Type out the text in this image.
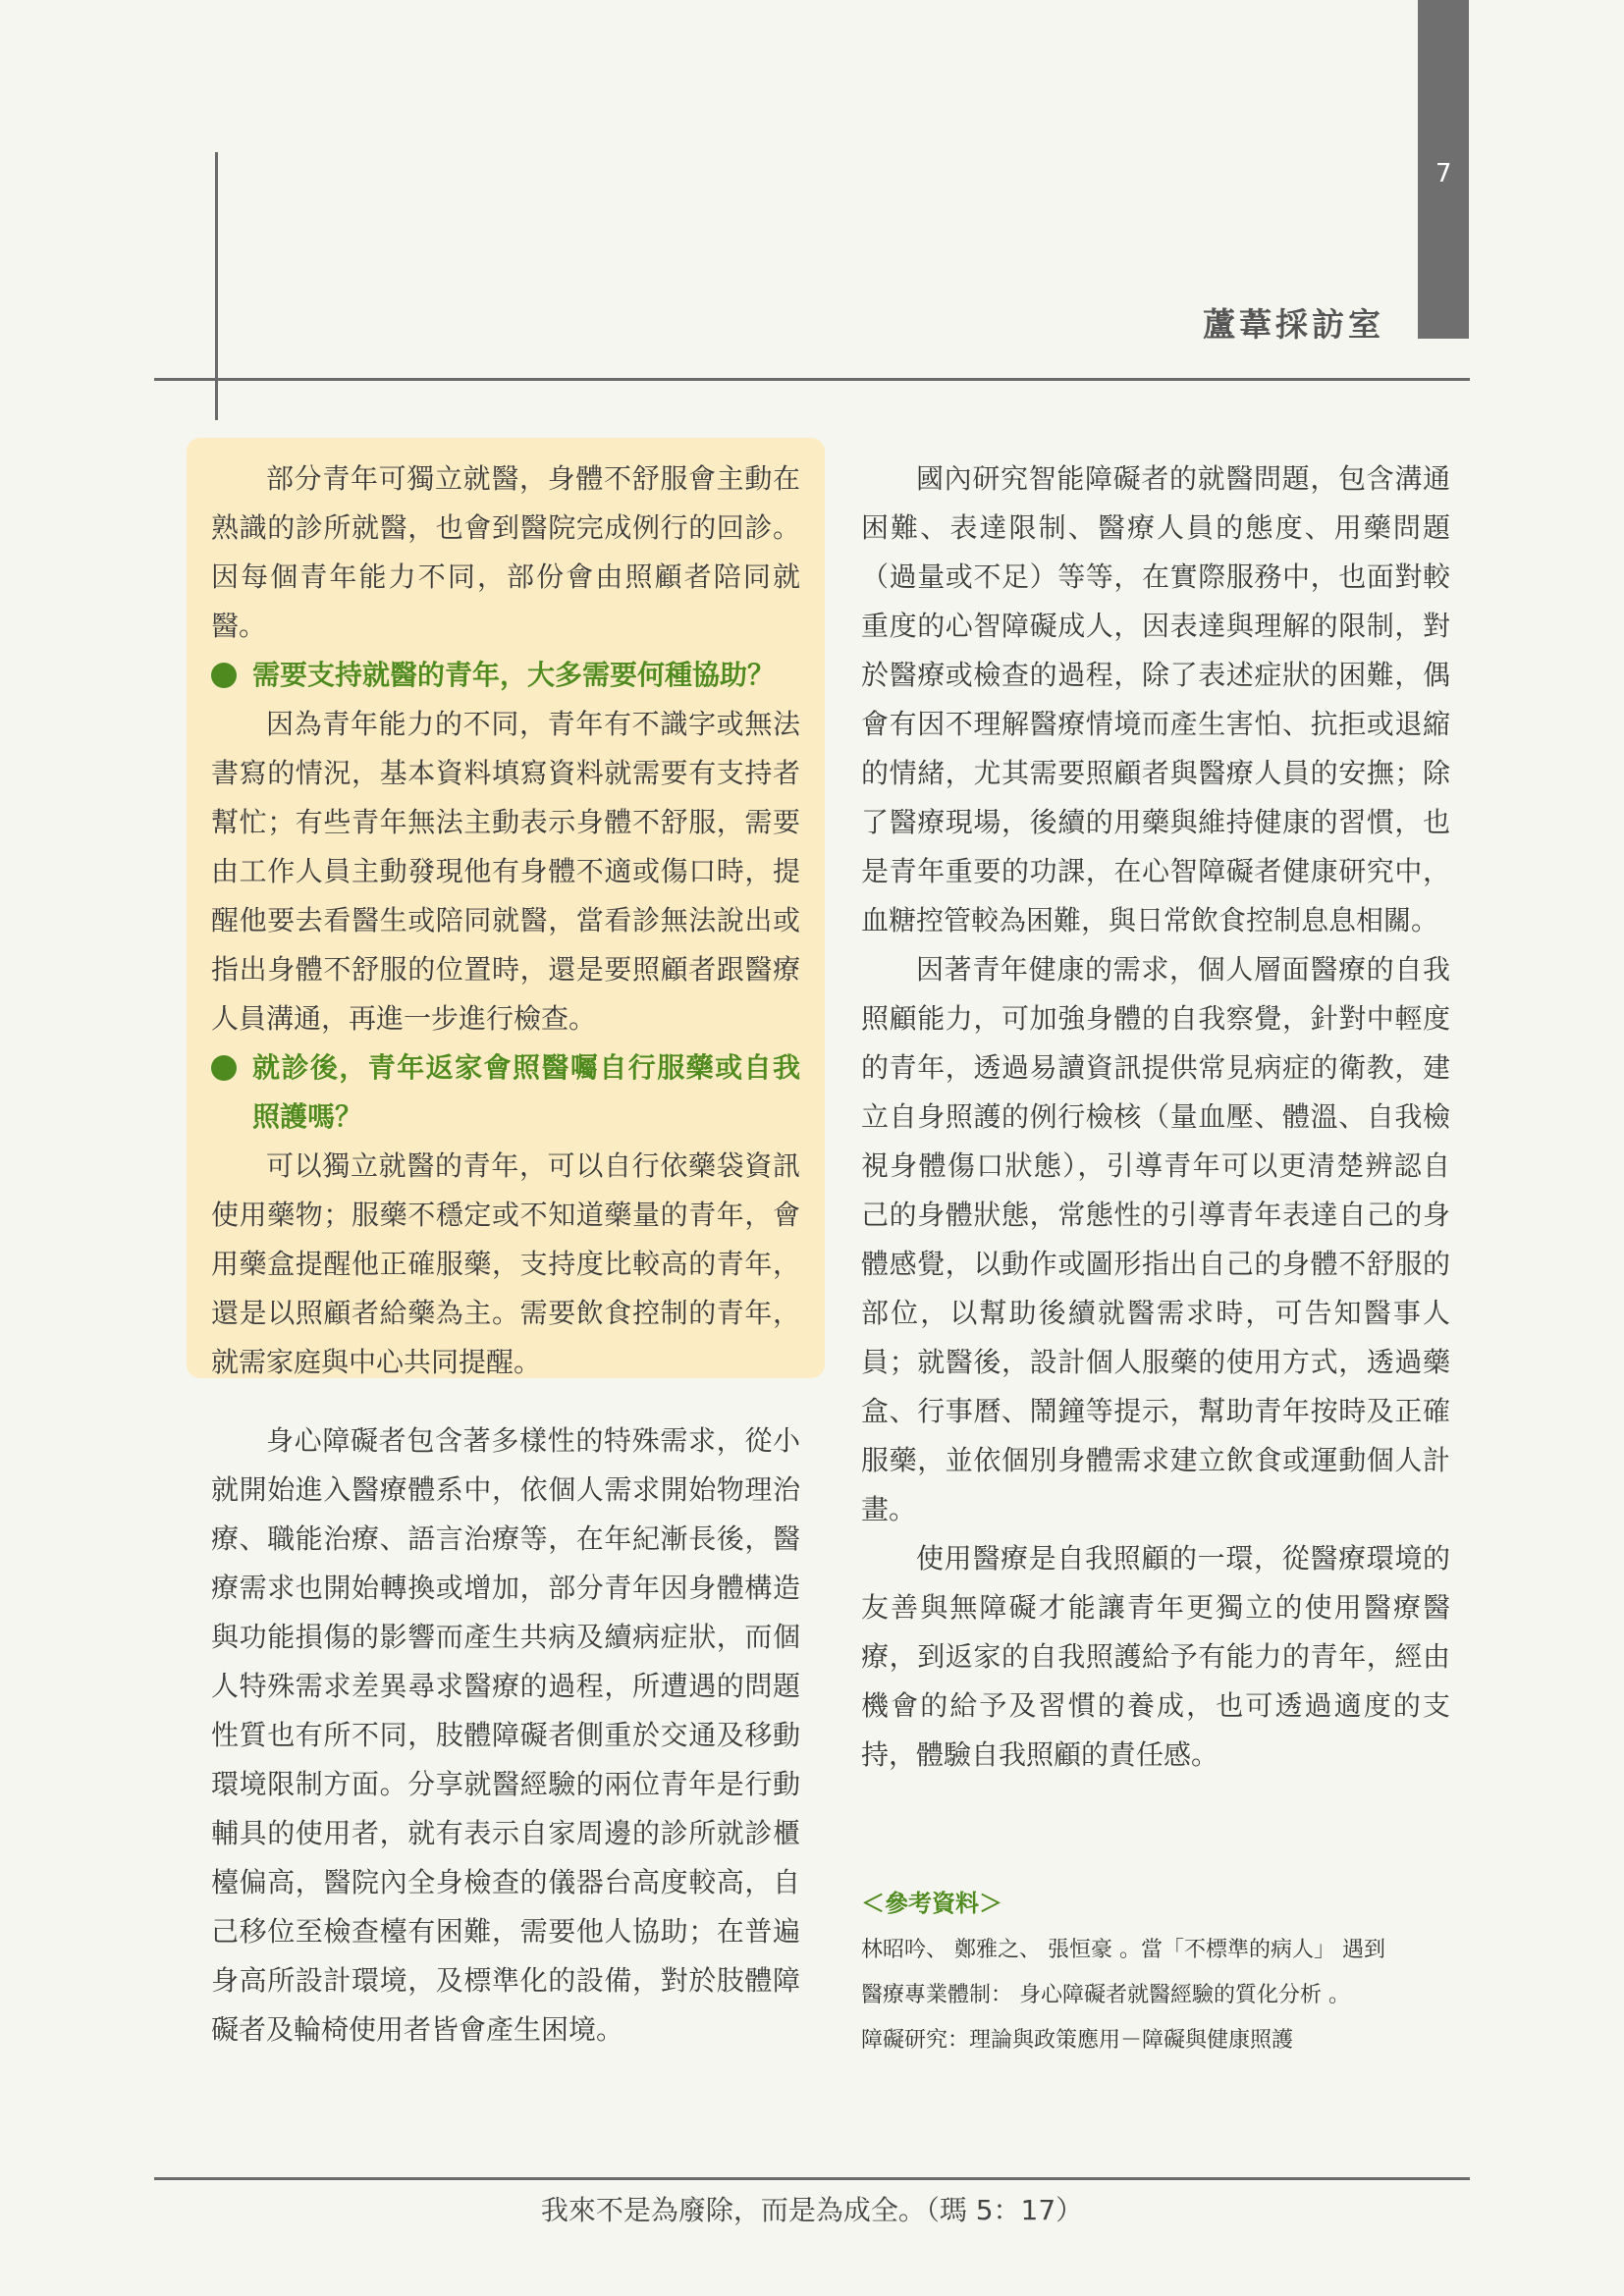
7
蘆葦採訪室

部分青年可獨立就醫，身體不舒服會主動在熟識的診所就醫，也會到醫院完成例行的回診。因每個青年能力不同，部份會由照顧者陪同就醫。

需要支持就醫的青年，大多需要何種協助？

因為青年能力的不同，青年有不識字或無法書寫的情況，基本資料填寫資料就需要有支持者幫忙；有些青年無法主動表示身體不舒服，需要由工作人員主動發現他有身體不適或傷口時，提醒他要去看醫生或陪同就醫，當看診無法說出或指出身體不舒服的位置時，還是要照顧者跟醫療人員溝通，再進一步進行檢查。

就診後，青年返家會照醫囑自行服藥或自我照護嗎？

可以獨立就醫的青年，可以自行依藥袋資訊使用藥物；服藥不穩定或不知道藥量的青年，會用藥盒提醒他正確服藥，支持度比較高的青年，還是以照顧者給藥為主。需要飲食控制的青年，就需家庭與中心共同提醒。

身心障礙者包含著多樣性的特殊需求，從小就開始進入醫療體系中，依個人需求開始物理治療、職能治療、語言治療等，在年紀漸長後，醫療需求也開始轉換或增加，部分青年因身體構造與功能損傷的影響而產生共病及續病症狀，而個人特殊需求差異尋求醫療的過程，所遭遇的問題性質也有所不同，肢體障礙者側重於交通及移動環境限制方面。分享就醫經驗的兩位青年是行動輔具的使用者，就有表示自家周邊的診所就診櫃檯偏高，醫院內全身檢查的儀器台高度較高，自己移位至檢查檯有困難，需要他人協助；在普遍身高所設計環境，及標準化的設備，對於肢體障礙者及輪椅使用者皆會產生困境。

國內研究智能障礙者的就醫問題，包含溝通困難、表達限制、醫療人員的態度、用藥問題（過量或不足）等等，在實際服務中，也面對較重度的心智障礙成人，因表達與理解的限制，對於醫療或檢查的過程，除了表述症狀的困難，偶會有因不理解醫療情境而產生害怕、抗拒或退縮的情緒，尤其需要照顧者與醫療人員的安撫；除了醫療現場，後續的用藥與維持健康的習慣，也是青年重要的功課，在心智障礙者健康研究中，血糖控管較為困難，與日常飲食控制息息相關。

因著青年健康的需求，個人層面醫療的自我照顧能力，可加強身體的自我察覺，針對中輕度的青年，透過易讀資訊提供常見病症的衛教，建立自身照護的例行檢核（量血壓、體溫、自我檢視身體傷口狀態），引導青年可以更清楚辨認自己的身體狀態，常態性的引導青年表達自己的身體感覺，以動作或圖形指出自己的身體不舒服的部位，以幫助後續就醫需求時，可告知醫事人員；就醫後，設計個人服藥的使用方式，透過藥盒、行事曆、鬧鐘等提示，幫助青年按時及正確服藥，並依個別身體需求建立飲食或運動個人計畫。

使用醫療是自我照顧的一環，從醫療環境的友善與無障礙才能讓青年更獨立的使用醫療醫療，到返家的自我照護給予有能力的青年，經由機會的給予及習慣的養成，也可透過適度的支持，體驗自我照顧的責任感。

＜參考資料＞
林昭吟、 鄭雅之、 張恒豪 。當「不標準的病人」 遇到
醫療專業體制： 身心障礙者就醫經驗的質化分析 。
障礙研究：理論與政策應用－障礙與健康照護
我來不是為廢除，而是為成全。（瑪 5：17）
